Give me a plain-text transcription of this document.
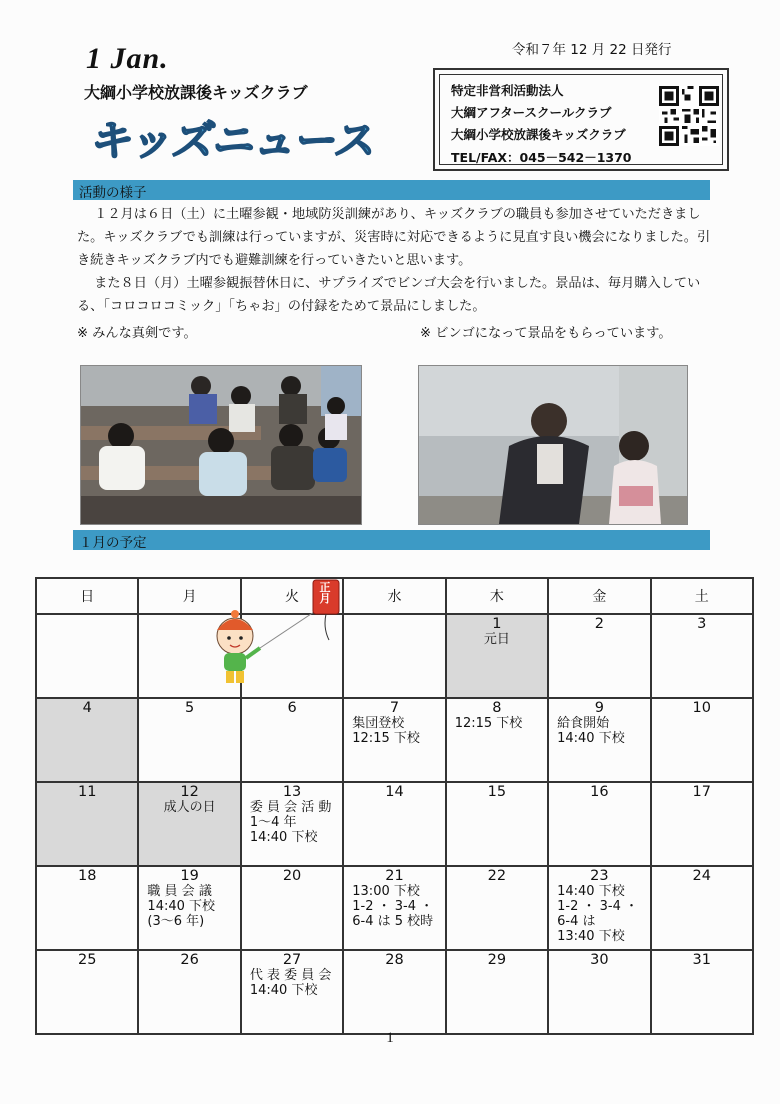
1 Jan.	令和７年 12 月 22 日発行
大綱小学校放課後キッズクラブ
キッズニュース
特定非営利活動法人
大綱アフタースクールクラブ
大綱小学校放課後キッズクラブ
TEL/FAX：045－542－1370
活動の様子

１２月は６日（土）に土曜参観・地域防災訓練があり、キッズクラブの職員も参加させていただきました。キッズクラブでも訓練は行っていますが、災害時に対応できるように見直す良い機会になりました。引き続きキッズクラブ内でも避難訓練を行っていきたいと思います。

また８日（月）土曜参観振替休日に、サプライズでビンゴ大会を行いました。景品は、毎月購入している、「コロコロコミック」「ちゃお」の付録をためて景品にしました。

※ みんな真剣です。	※ ビンゴになって景品をもらっています。
１月の予定
日	月	火	水	木	金	土

				1
元日	2	3

4	5	6	7
集団登校
12:15 下校	8
12:15 下校	9
給食開始
14:40 下校	10

11	12
成人の日	13
委 員 会 活 動
1～4 年
14:40 下校	14	15	16	17

18	19
職 員 会 議
14:40 下校
(3～6 年)	20	21
13:00 下校
1-2 ・ 3-4 ・
6-4 は 5 校時	22	23
14:40 下校
1-2 ・ 3-4 ・
6-4 は
13:40 下校	24

25	26	27
代 表 委 員 会
14:40 下校	28	29	30	31
正月
1
